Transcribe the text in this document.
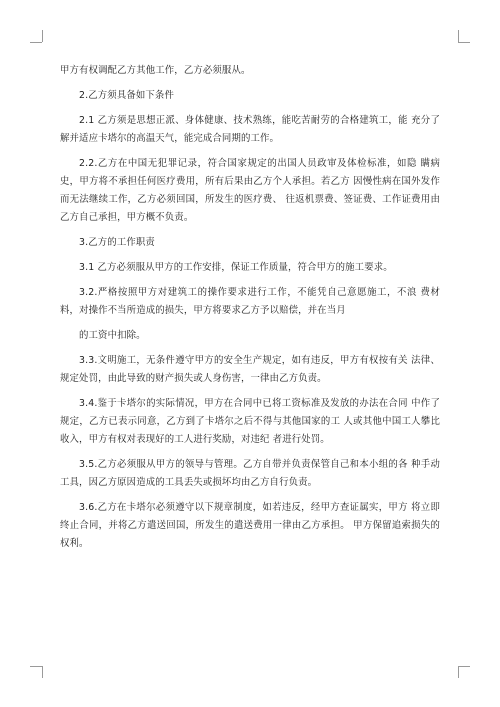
甲方有权调配乙方其他工作，乙方必须服从。

2.乙方须具备如下条件

2.1 乙方须是思想正派、身体健康、技术熟练，能吃苦耐劳的合格建筑工，能 充分了解并适应卡塔尔的高温天气，能完成合同期的工作。

2.2.乙方在中国无犯罪记录，符合国家规定的出国人员政审及体检标准，如隐 瞒病史，甲方将不承担任何医疗费用，所有后果由乙方个人承担。若乙方 因慢性病在国外发作而无法继续工作，乙方必须回国，所发生的医疗费、 往返机票费、签证费、工作证费用由乙方自己承担，甲方概不负责。

3.乙方的工作职责

3.1 乙方必须服从甲方的工作安排，保证工作质量，符合甲方的施工要求。

3.2.严格按照甲方对建筑工的操作要求进行工作，不能凭自己意愿施工，不浪 费材料，对操作不当所造成的损失，甲方将要求乙方予以赔偿，并在当月

的工资中扣除。

3.3.文明施工，无条件遵守甲方的安全生产规定，如有违反，甲方有权按有关 法律、规定处罚，由此导致的财产损失或人身伤害，一律由乙方负责。

3.4.鉴于卡塔尔的实际情况，甲方在合同中已将工资标准及发放的办法在合同 中作了规定，乙方已表示同意，乙方到了卡塔尔之后不得与其他国家的工 人或其他中国工人攀比收入，甲方有权对表现好的工人进行奖励，对违纪 者进行处罚。

3.5.乙方必须服从甲方的领导与管理。乙方自带并负责保管自己和本小组的各 种手动工具，因乙方原因造成的工具丢失或损坏均由乙方自行负责。

3.6.乙方在卡塔尔必须遵守以下规章制度，如若违反，经甲方查证属实，甲方 将立即终止合同，并将乙方遣送回国，所发生的遣送费用一律由乙方承担。 甲方保留追索损失的权利。
